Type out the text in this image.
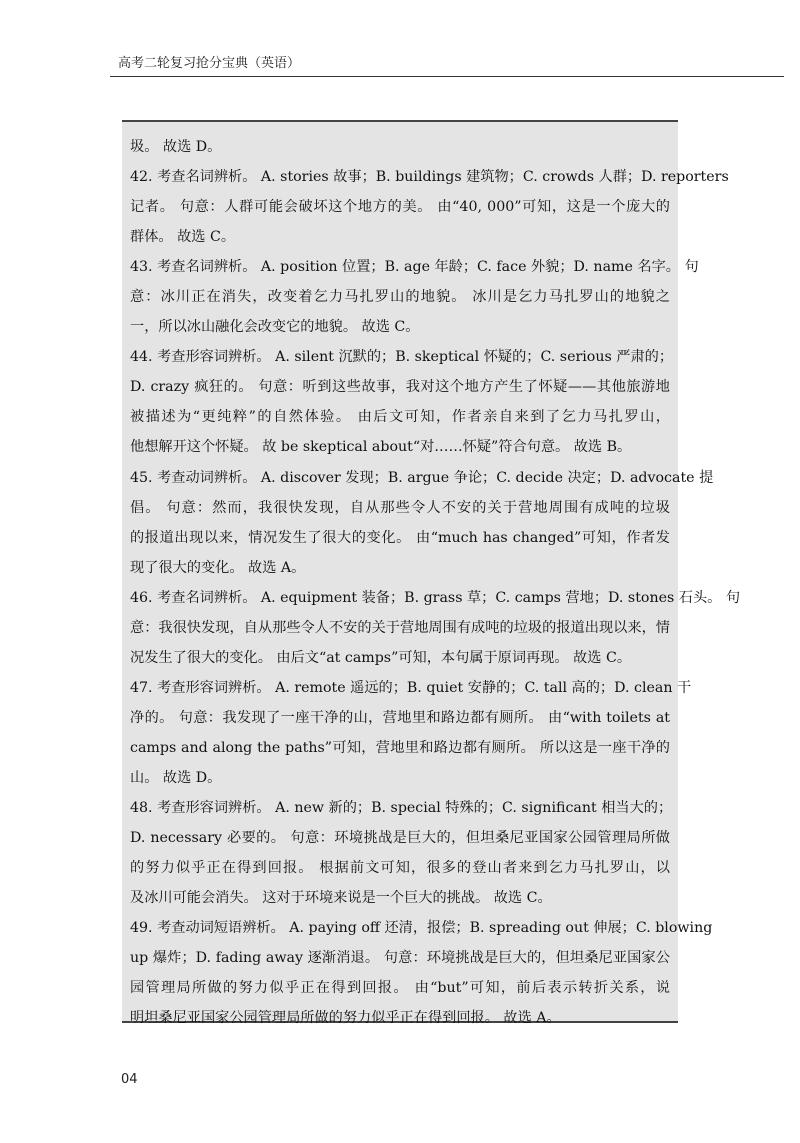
高考二轮复习抢分宝典（英语）
圾。 故选 D。
42. 考查名词辨析。 A. stories 故事；B. buildings 建筑物；C. crowds 人群；D. reporters
记者。 句意：人群可能会破坏这个地方的美。 由“40, 000”可知，这是一个庞大的
群体。 故选 C。
43. 考查名词辨析。 A. position 位置；B. age 年龄；C. face 外貌；D. name 名字。 句
意：冰川正在消失，改变着乞力马扎罗山的地貌。 冰川是乞力马扎罗山的地貌之
一，所以冰山融化会改变它的地貌。 故选 C。
44. 考查形容词辨析。 A. silent 沉默的；B. skeptical 怀疑的；C. serious 严肃的；
D. crazy 疯狂的。 句意：听到这些故事，我对这个地方产生了怀疑——其他旅游地
被描述为“更纯粹”的自然体验。 由后文可知，作者亲自来到了乞力马扎罗山，
他想解开这个怀疑。 故 be skeptical about“对……怀疑”符合句意。 故选 B。
45. 考查动词辨析。 A. discover 发现；B. argue 争论；C. decide 决定；D. advocate 提
倡。 句意：然而，我很快发现，自从那些令人不安的关于营地周围有成吨的垃圾
的报道出现以来，情况发生了很大的变化。 由“much has changed”可知，作者发
现了很大的变化。 故选 A。
46. 考查名词辨析。 A. equipment 装备；B. grass 草；C. camps 营地；D. stones 石头。 句
意：我很快发现，自从那些令人不安的关于营地周围有成吨的垃圾的报道出现以来，情
况发生了很大的变化。 由后文“at camps”可知，本句属于原词再现。 故选 C。
47. 考查形容词辨析。 A. remote 遥远的；B. quiet 安静的；C. tall 高的；D. clean 干
净的。 句意：我发现了一座干净的山，营地里和路边都有厕所。 由“with toilets at
camps and along the paths”可知，营地里和路边都有厕所。 所以这是一座干净的
山。 故选 D。
48. 考查形容词辨析。 A. new 新的；B. special 特殊的；C. significant 相当大的；
D. necessary 必要的。 句意：环境挑战是巨大的，但坦桑尼亚国家公园管理局所做
的努力似乎正在得到回报。 根据前文可知，很多的登山者来到乞力马扎罗山，以
及冰川可能会消失。 这对于环境来说是一个巨大的挑战。 故选 C。
49. 考查动词短语辨析。 A. paying off 还清，报偿；B. spreading out 伸展；C. blowing
up 爆炸；D. fading away 逐渐消退。 句意：环境挑战是巨大的，但坦桑尼亚国家公
园管理局所做的努力似乎正在得到回报。 由“but”可知，前后表示转折关系，说
明坦桑尼亚国家公园管理局所做的努力似乎正在得到回报。 故选 A。
04
